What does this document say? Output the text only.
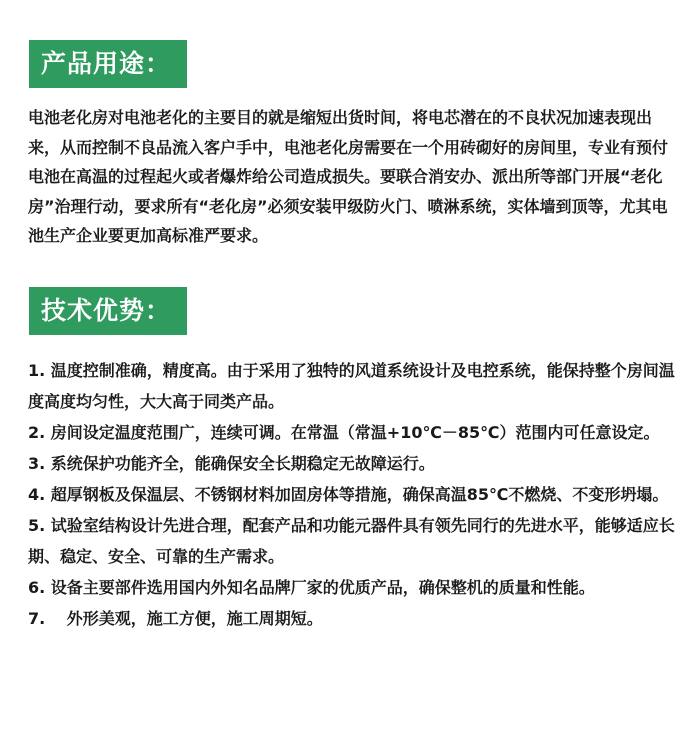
产品用途：

电池老化房对电池老化的主要目的就是缩短出货时间，将电芯潜在的不良状况加速表现出来，从而控制不良品流入客户手中，电池老化房需要在一个用砖砌好的房间里，专业有预付电池在高温的过程起火或者爆炸给公司造成损失。要联合消安办、派出所等部门开展“老化房”治理行动，要求所有“老化房”必须安装甲级防火门、喷淋系统，实体墙到顶等，尤其电池生产企业要更加高标准严要求。

技术优势：
1. 温度控制准确，精度高。由于采用了独特的风道系统设计及电控系统，能保持整个房间温度高度均匀性，大大高于同类产品。
2. 房间设定温度范围广，连续可调。在常温（常温+10℃－85℃）范围内可任意设定。
3. 系统保护功能齐全，能确保安全长期稳定无故障运行。
4. 超厚钢板及保温层、不锈钢材料加固房体等措施，确保高温85℃不燃烧、不变形坍塌。
5. 试验室结构设计先进合理，配套产品和功能元器件具有领先同行的先进水平，能够适应长期、稳定、安全、可靠的生产需求。
6. 设备主要部件选用国内外知名品牌厂家的优质产品，确保整机的质量和性能。
7.　 外形美观，施工方便，施工周期短。
